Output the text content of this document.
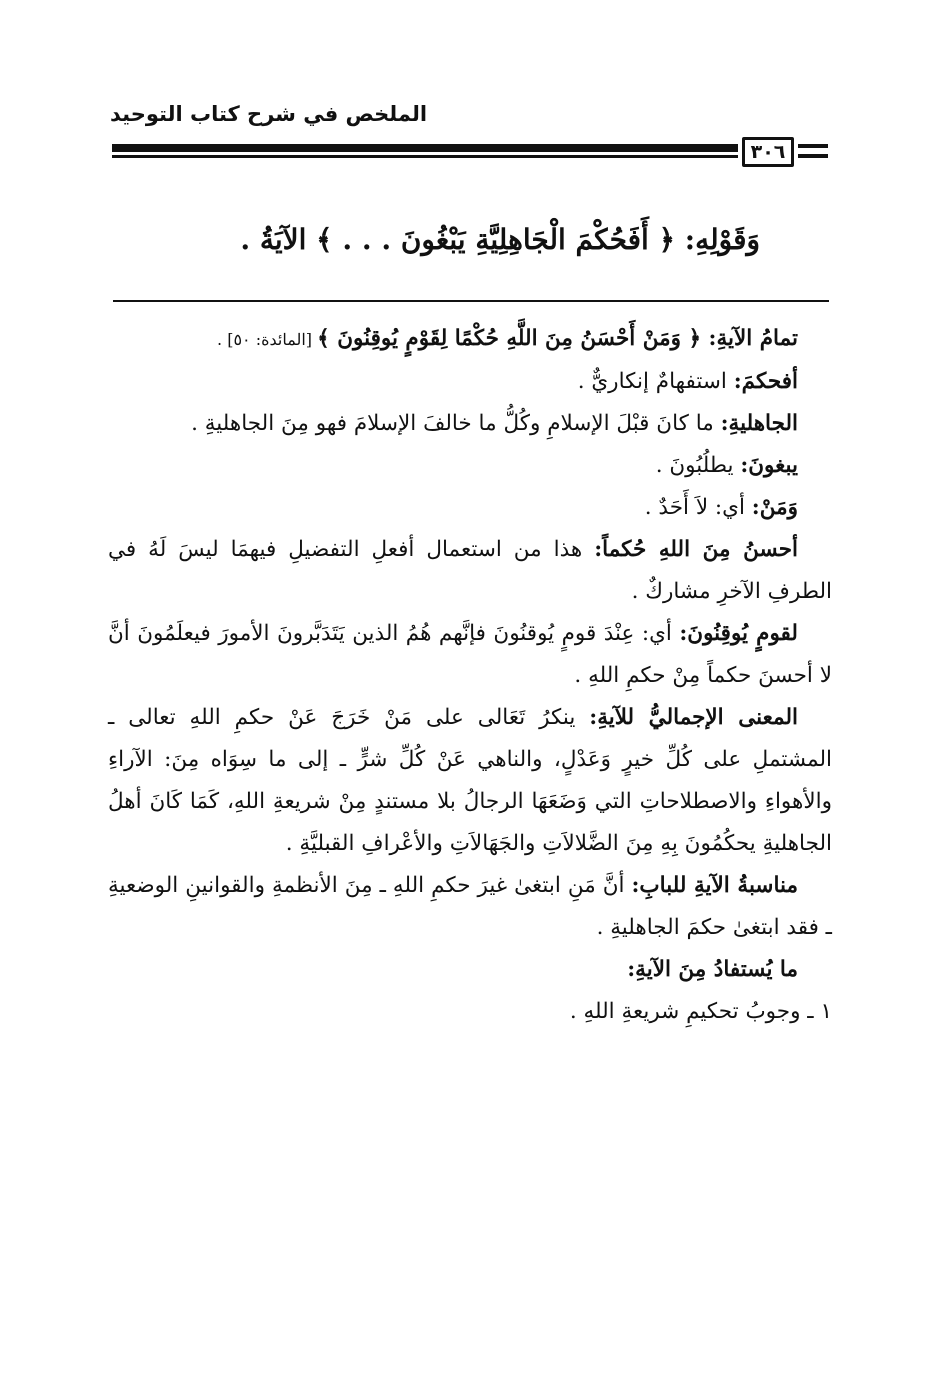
الملخص في شرح كتاب التوحيد
٣٠٦
وَقَوْلِهِ: ﴿ أَفَحُكْمَ الْجَاهِلِيَّةِ يَبْغُونَ . . . ﴾ الآيَةُ .

تمامُ الآيةِ: ﴿ وَمَنْ أَحْسَنُ مِنَ اللَّهِ حُكْمًا لِقَوْمٍ يُوقِنُونَ ﴾ [المائدة: ٥٠] .

أفحكمَ: استفهامٌ إنكاريٌّ .

الجاهليةِ: ما كانَ قبْلَ الإسلامِ وكُلُّ ما خالفَ الإسلامَ فهو مِنَ الجاهليةِ .

يبغونَ: يطلُبُونَ .

وَمَنْ: أي: لاَ أَحَدٌ .

أحسنُ مِنَ اللهِ حُكماً: هذا من استعمال أفعلِ التفضيلِ فيهمَا ليسَ لَهُ في الطرفِ الآخرِ مشاركٌ .

لقومٍ يُوقِنُونَ: أي: عِنْدَ قومٍ يُوقنُونَ فإنَّهم هُمُ الذين يَتَدَبَّرونَ الأمورَ فيعلَمُونَ أنَّ لا أحسنَ حكماً مِنْ حكمِ اللهِ .

المعنى الإجماليُّ للآيةِ: ينكرُ تَعَالى على مَنْ خَرَجَ عَنْ حكمِ اللهِ تعالى ـ المشتملِ على كُلِّ خيرٍ وَعَدْلٍ، والناهي عَنْ كُلِّ شرٍّ ـ إلى ما سِوَاه مِنَ: الآراءِ والأهواءِ والاصطلاحاتِ التي وَضَعَهَا الرجالُ بلا مستندٍ مِنْ شريعةِ اللهِ، كَمَا كَانَ أهلُ الجاهليةِ يحكُمُونَ بِهِ مِنَ الضَّلالاَتِ والجَهَالاَتِ والأعْرافِ القبليَّةِ .

مناسبةُ الآيةِ للبابِ: أنَّ مَنِ ابتغىٰ غيرَ حكمِ اللهِ ـ مِنَ الأنظمةِ والقوانينِ الوضعيةِ ـ فقد ابتغىٰ حكمَ الجاهليةِ .

ما يُستفادُ مِنَ الآيةِ:

١ ـ وجوبُ تحكيمِ شريعةِ اللهِ .
